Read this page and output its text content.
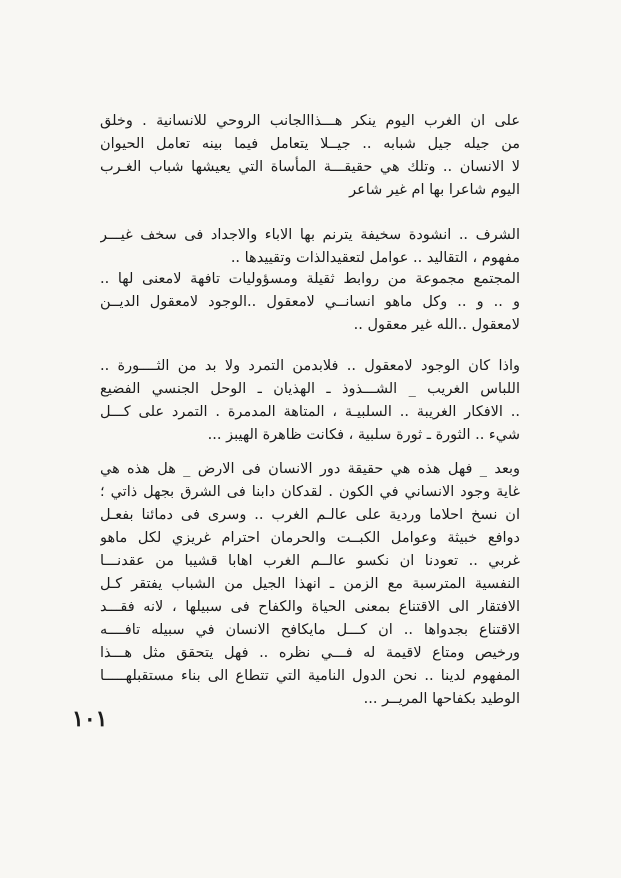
على ان الغرب اليوم ينكر هـــذاالجانب الروحي للانسانية . وخلق
من جيله جيل شبابه .. جيــلا يتعامل فيما بينه تعامل الحيوان
لا الانسان .. وتلك هي حقيقـــة المأساة التي يعيشها شباب الغـرب
اليوم شاعرا بها ام غير شاعر
الشرف .. انشودة سخيفة يترنم بها الاباء والاجداد فى سخف غيـــر
مفهوم ، التقاليد .. عوامل لتعقيدالذات وتقييدها ..
المجتمع مجموعة من روابط ثقيلة ومسؤوليات تافهة لامعنى لها ..
و .. و .. وكل ماهو انسانــي لامعقول ..الوجود لامعقول الديــن
لامعقول ..الله غير معقول ..
واذا كان الوجود لامعقول .. فلابدمن التمرد ولا بد من الثــــورة ..
اللباس الغريب _ الشـــذوذ ـ الهذيان ـ الوحل الجنسي الفضيع
.. الافكار الغريبة .. السلبيـة ، المتاهة المدمرة . التمرد على كـــل
شيء .. الثورة ـ ثورة سلبية ، فكانت ظاهرة الهيبز ...
وبعد _ فهل هذه هي حقيقة دور الانسان فى الارض _ هل هذه هي
غاية وجود الانساني في الكون . لقدكان دابنا فى الشرق بجهل ذاتي ؛
ان نسخ احلاما وردية على عالـم الغرب .. وسرى فى دمائنا بفعـل
دوافع خبيثة وعوامل الكبــت والحرمان احترام غريزي لكل ماهو
غربي .. تعودنا ان نكسو عالــم الغرب اهابا قشيبا من عقدنـــا
النفسية المترسبة مع الزمن ـ انهذا الجيل من الشباب يفتقر كـل
الافتقار الى الاقتناع بمعنى الحياة والكفاح فى سبيلها ، لانه فقـــد
الاقتناع بجدواها .. ان كـــل مايكافح الانسان في سبيله تافــــه
ورخيص ومتاع لاقيمة له فـــي نظره .. فهل يتحقق مثل هـــذا
المفهوم لدينا .. نحن الدول النامية التي تتطاع الى بناء مستقبلهـــــا
الوطيد بكفاحها المريــر ...
١٠١
